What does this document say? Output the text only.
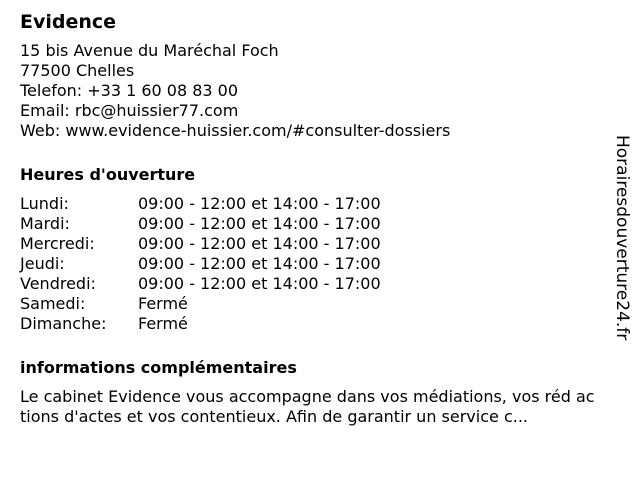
Evidence
15 bis Avenue du Maréchal Foch
77500 Chelles
Telefon: +33 1 60 08 83 00
Email: rbc@huissier77.com
Web: www.evidence-huissier.com/#consulter-dossiers
Heures d'ouverture
Lundi:	09:00 - 12:00 et 14:00 - 17:00
Mardi:	09:00 - 12:00 et 14:00 - 17:00
Mercredi:	09:00 - 12:00 et 14:00 - 17:00
Jeudi:	09:00 - 12:00 et 14:00 - 17:00
Vendredi:	09:00 - 12:00 et 14:00 - 17:00
Samedi:	Fermé
Dimanche:	Fermé
informations complémentaires
Le cabinet Evidence vous accompagne dans vos médiations, vos réd actions d'actes et vos contentieux. Afin de garantir un service c...
Horairesdouverture24.fr
